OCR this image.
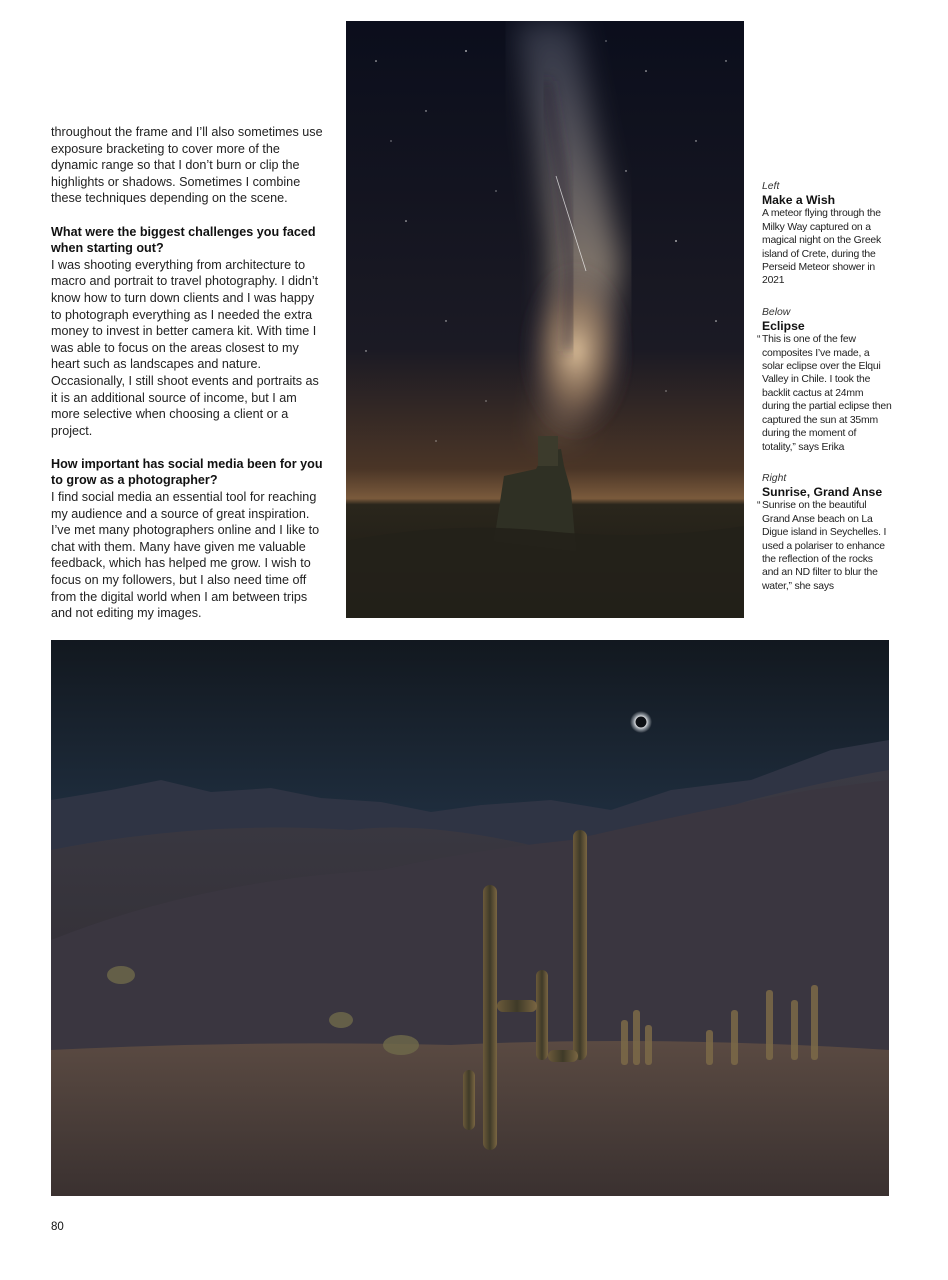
throughout the frame and I’ll also sometimes use exposure bracketing to cover more of the dynamic range so that I don’t burn or clip the highlights or shadows. Sometimes I combine these techniques depending on the scene.

What were the biggest challenges you faced when starting out?
I was shooting everything from architecture to macro and portrait to travel photography. I didn’t know how to turn down clients and I was happy to photograph everything as I needed the extra money to invest in better camera kit. With time I was able to focus on the areas closest to my heart such as landscapes and nature. Occasionally, I still shoot events and portraits as it is an additional source of income, but I am more selective when choosing a client or a project.

How important has social media been for you to grow as a photographer?
I find social media an essential tool for reaching my audience and a source of great inspiration. I’ve met many photographers online and I like to chat with them. Many have given me valuable feedback, which has helped me grow. I wish to focus on my followers, but I also need time off from the digital world when I am between trips and not editing my images.

Left
Make a Wish
A meteor flying through the Milky Way captured on a magical night on the Greek island of Crete, during the Perseid Meteor shower in 2021
Below
Eclipse
“ This is one of the few composites I’ve made, a solar eclipse over the Elqui Valley in Chile. I took the backlit cactus at 24mm during the partial eclipse then captured the sun at 35mm during the moment of totality,” says Erika
Right
Sunrise, Grand Anse
“ Sunrise on the beautiful Grand Anse beach on La Digue island in Seychelles. I used a polariser to enhance the reflection of the rocks and an ND filter to blur the water,” she says
80
